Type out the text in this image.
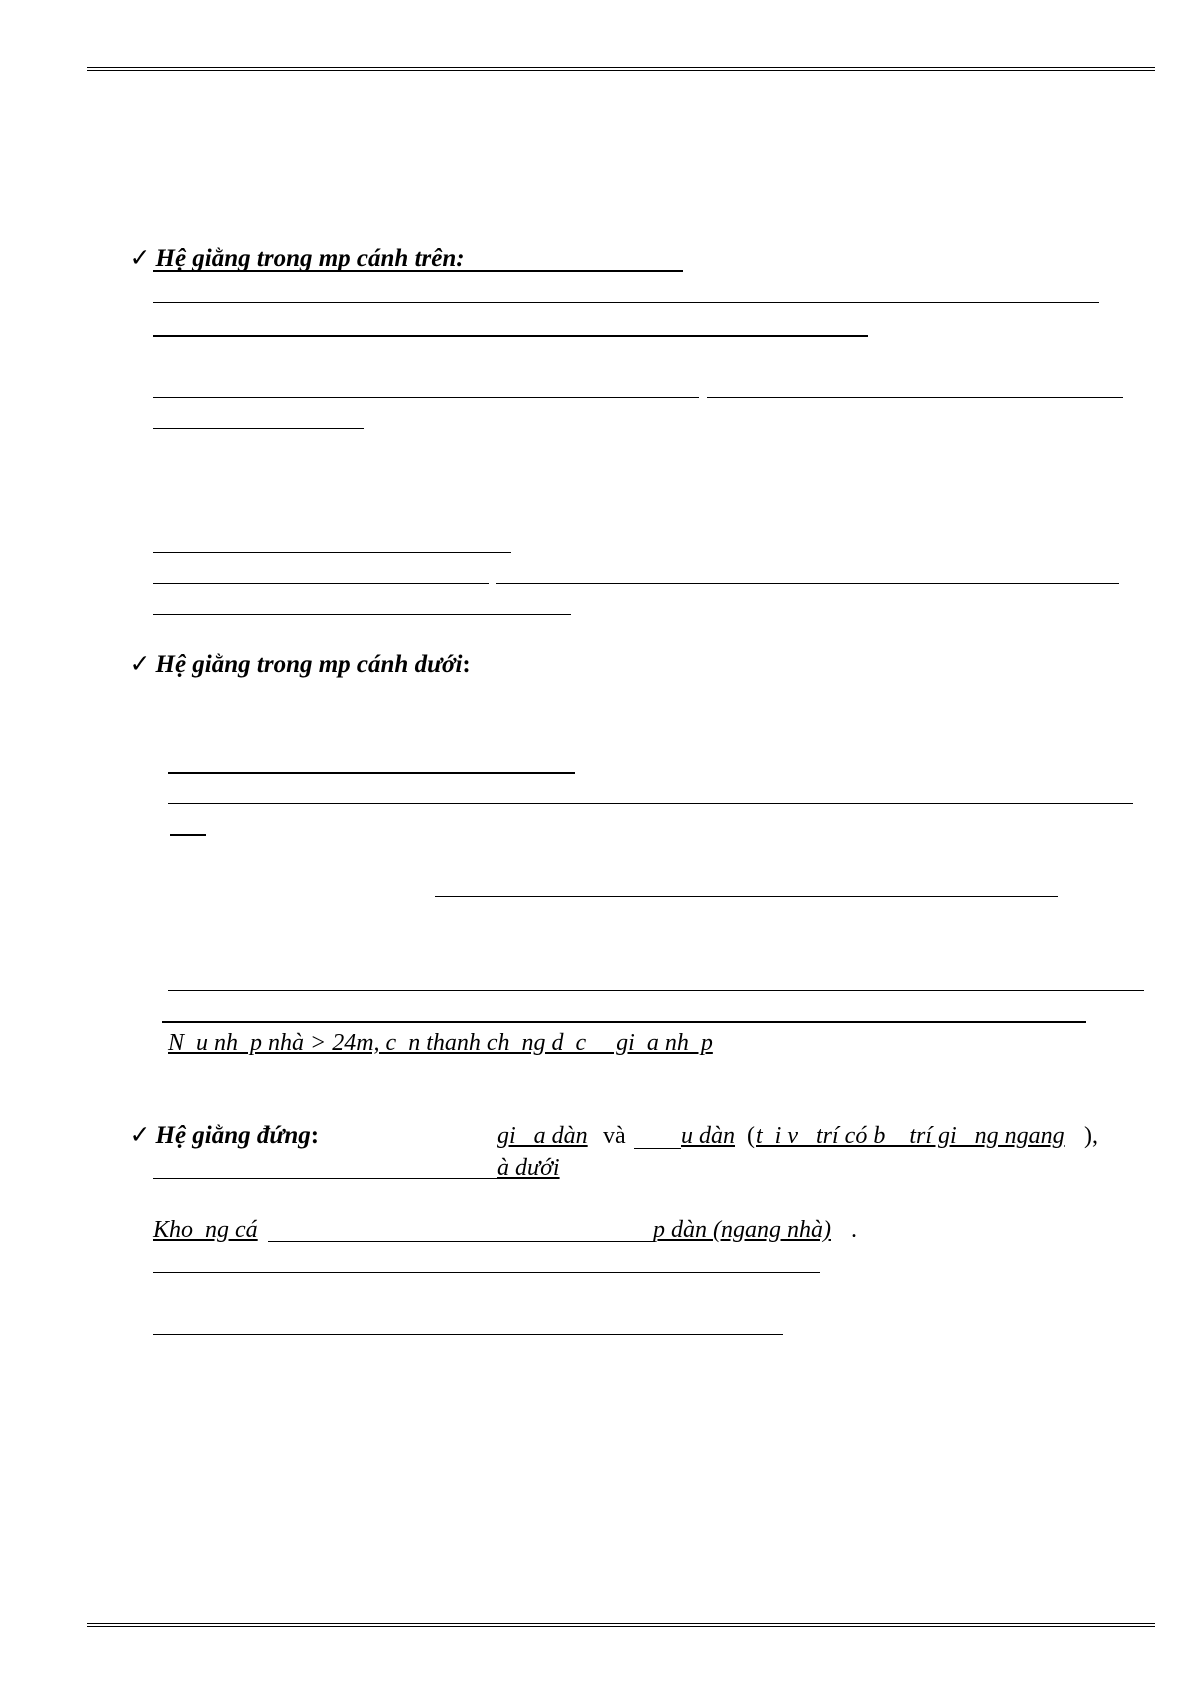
✓ Hệ giằng trong mp cánh trên:

✓ Hệ giằng trong mp cánh dưới:

N  u nh  p nhà > 24m, c  n thanh ch  ng d  c     gi  a nh  p

✓ Hệ giằng đứng:	gi   a dàn và u dàn ( t  i v   trí có b    trí gi   ng ngang ),
à dưới
Kho  ng cá	p dàn (ngang nhà) .
